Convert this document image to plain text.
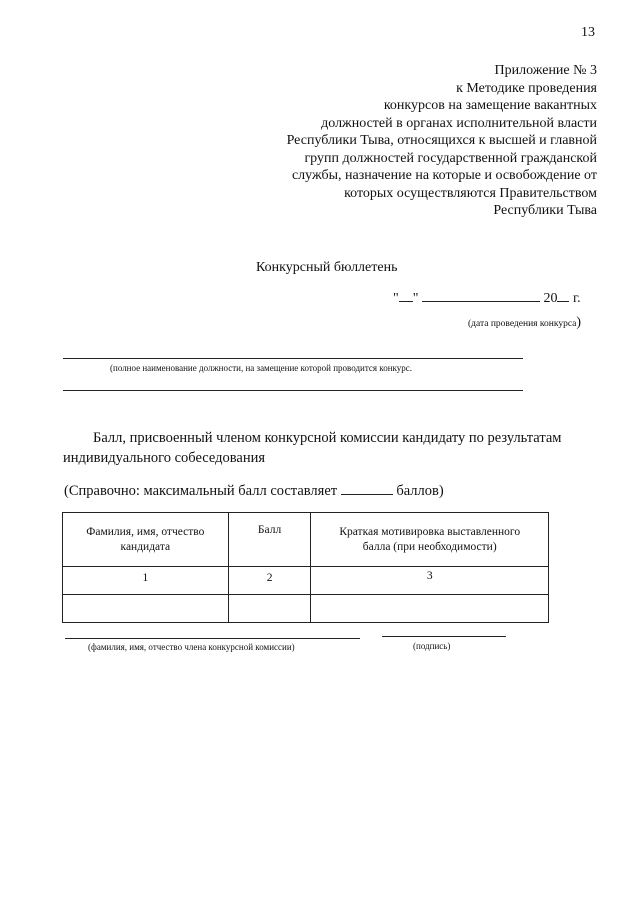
13
Приложение № 3
к Методике проведения
конкурсов на замещение вакантных
должностей в органах исполнительной власти
Республики Тыва, относящихся к высшей и главной
групп должностей государственной гражданской
службы, назначение на которые и освобождение от
которых осуществляются Правительством
Республики Тыва
Конкурсный бюллетень
" "	20 г.
(дата проведения конкурса)
(полное наименование должности, на замещение которой проводится конкурс.
Балл, присвоенный членом конкурсной комиссии кандидату по результатам
индивидуального собеседования
(Справочно: максимальный балл составляет	баллов)
Фамилия, имя, отчество кандидата	Балл	Краткая мотивировка выставленного балла (при необходимости)
1	2	3

(фамилия, имя, отчество члена конкурсной комиссии)	(подпись)
